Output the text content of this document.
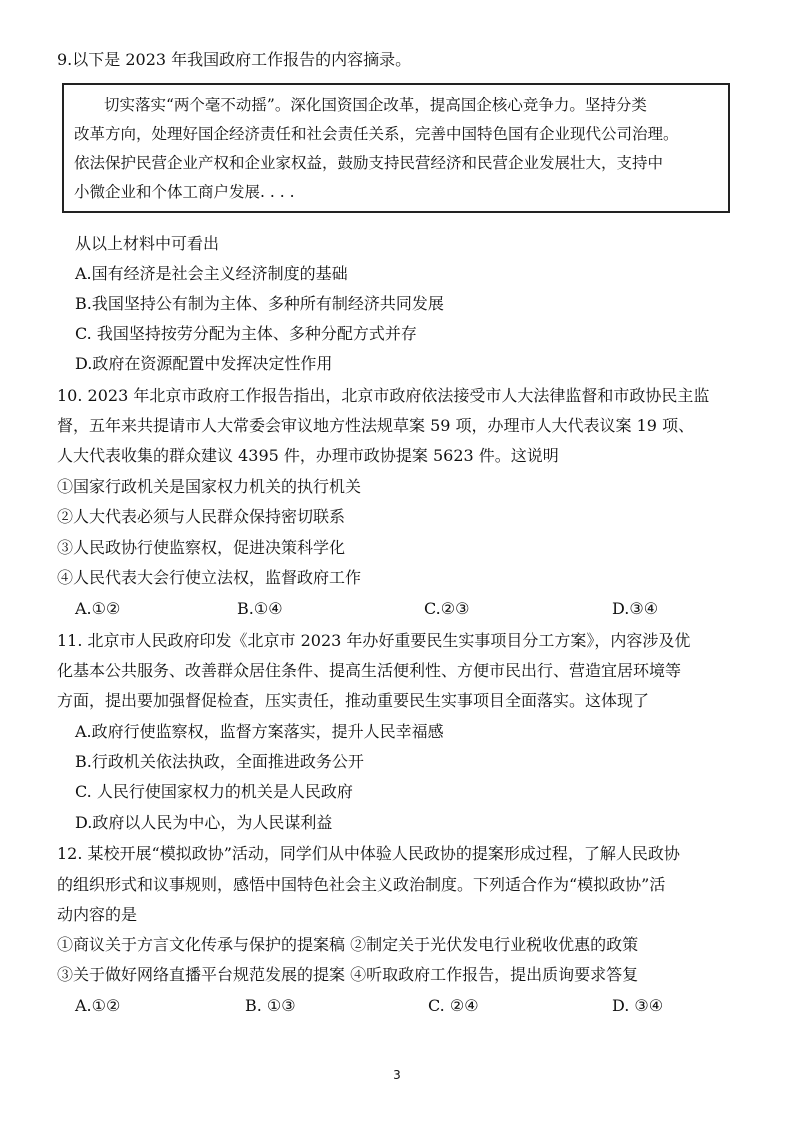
9.以下是 2023 年我国政府工作报告的内容摘录。
切实落实“两个毫不动摇”。深化国资国企改革，提高国企核心竞争力。坚持分类
改革方向，处理好国企经济责任和社会责任关系，完善中国特色国有企业现代公司治理。
依法保护民营企业产权和企业家权益，鼓励支持民营经济和民营企业发展壮大，支持中
小微企业和个体工商户发展. . . .
从以上材料中可看出
A.国有经济是社会主义经济制度的基础
B.我国坚持公有制为主体、多种所有制经济共同发展
C. 我国坚持按劳分配为主体、多种分配方式并存
D.政府在资源配置中发挥决定性作用
10. 2023 年北京市政府工作报告指出，北京市政府依法接受市人大法律监督和市政协民主监
督，五年来共提请市人大常委会审议地方性法规草案 59 项，办理市人大代表议案 19 项、
人大代表收集的群众建议 4395 件，办理市政协提案 5623 件。这说明
①国家行政机关是国家权力机关的执行机关
②人大代表必须与人民群众保持密切联系
③人民政协行使监察权，促进决策科学化
④人民代表大会行使立法权，监督政府工作
A.①②	B.①④	C.②③	D.③④
11. 北京市人民政府印发《北京市 2023 年办好重要民生实事项目分工方案》，内容涉及优
化基本公共服务、改善群众居住条件、提高生活便利性、方便市民出行、营造宜居环境等
方面，提出要加强督促检查，压实责任，推动重要民生实事项目全面落实。这体现了
A.政府行使监察权，监督方案落实，提升人民幸福感
B.行政机关依法执政，全面推进政务公开
C. 人民行使国家权力的机关是人民政府
D.政府以人民为中心，为人民谋利益
12. 某校开展“模拟政协”活动，同学们从中体验人民政协的提案形成过程，了解人民政协
的组织形式和议事规则，感悟中国特色社会主义政治制度。下列适合作为“模拟政协”活
动内容的是
①商议关于方言文化传承与保护的提案稿 ②制定关于光伏发电行业税收优惠的政策
③关于做好网络直播平台规范发展的提案 ④听取政府工作报告，提出质询要求答复
A.①②	B. ①③	C. ②④	D. ③④
3
